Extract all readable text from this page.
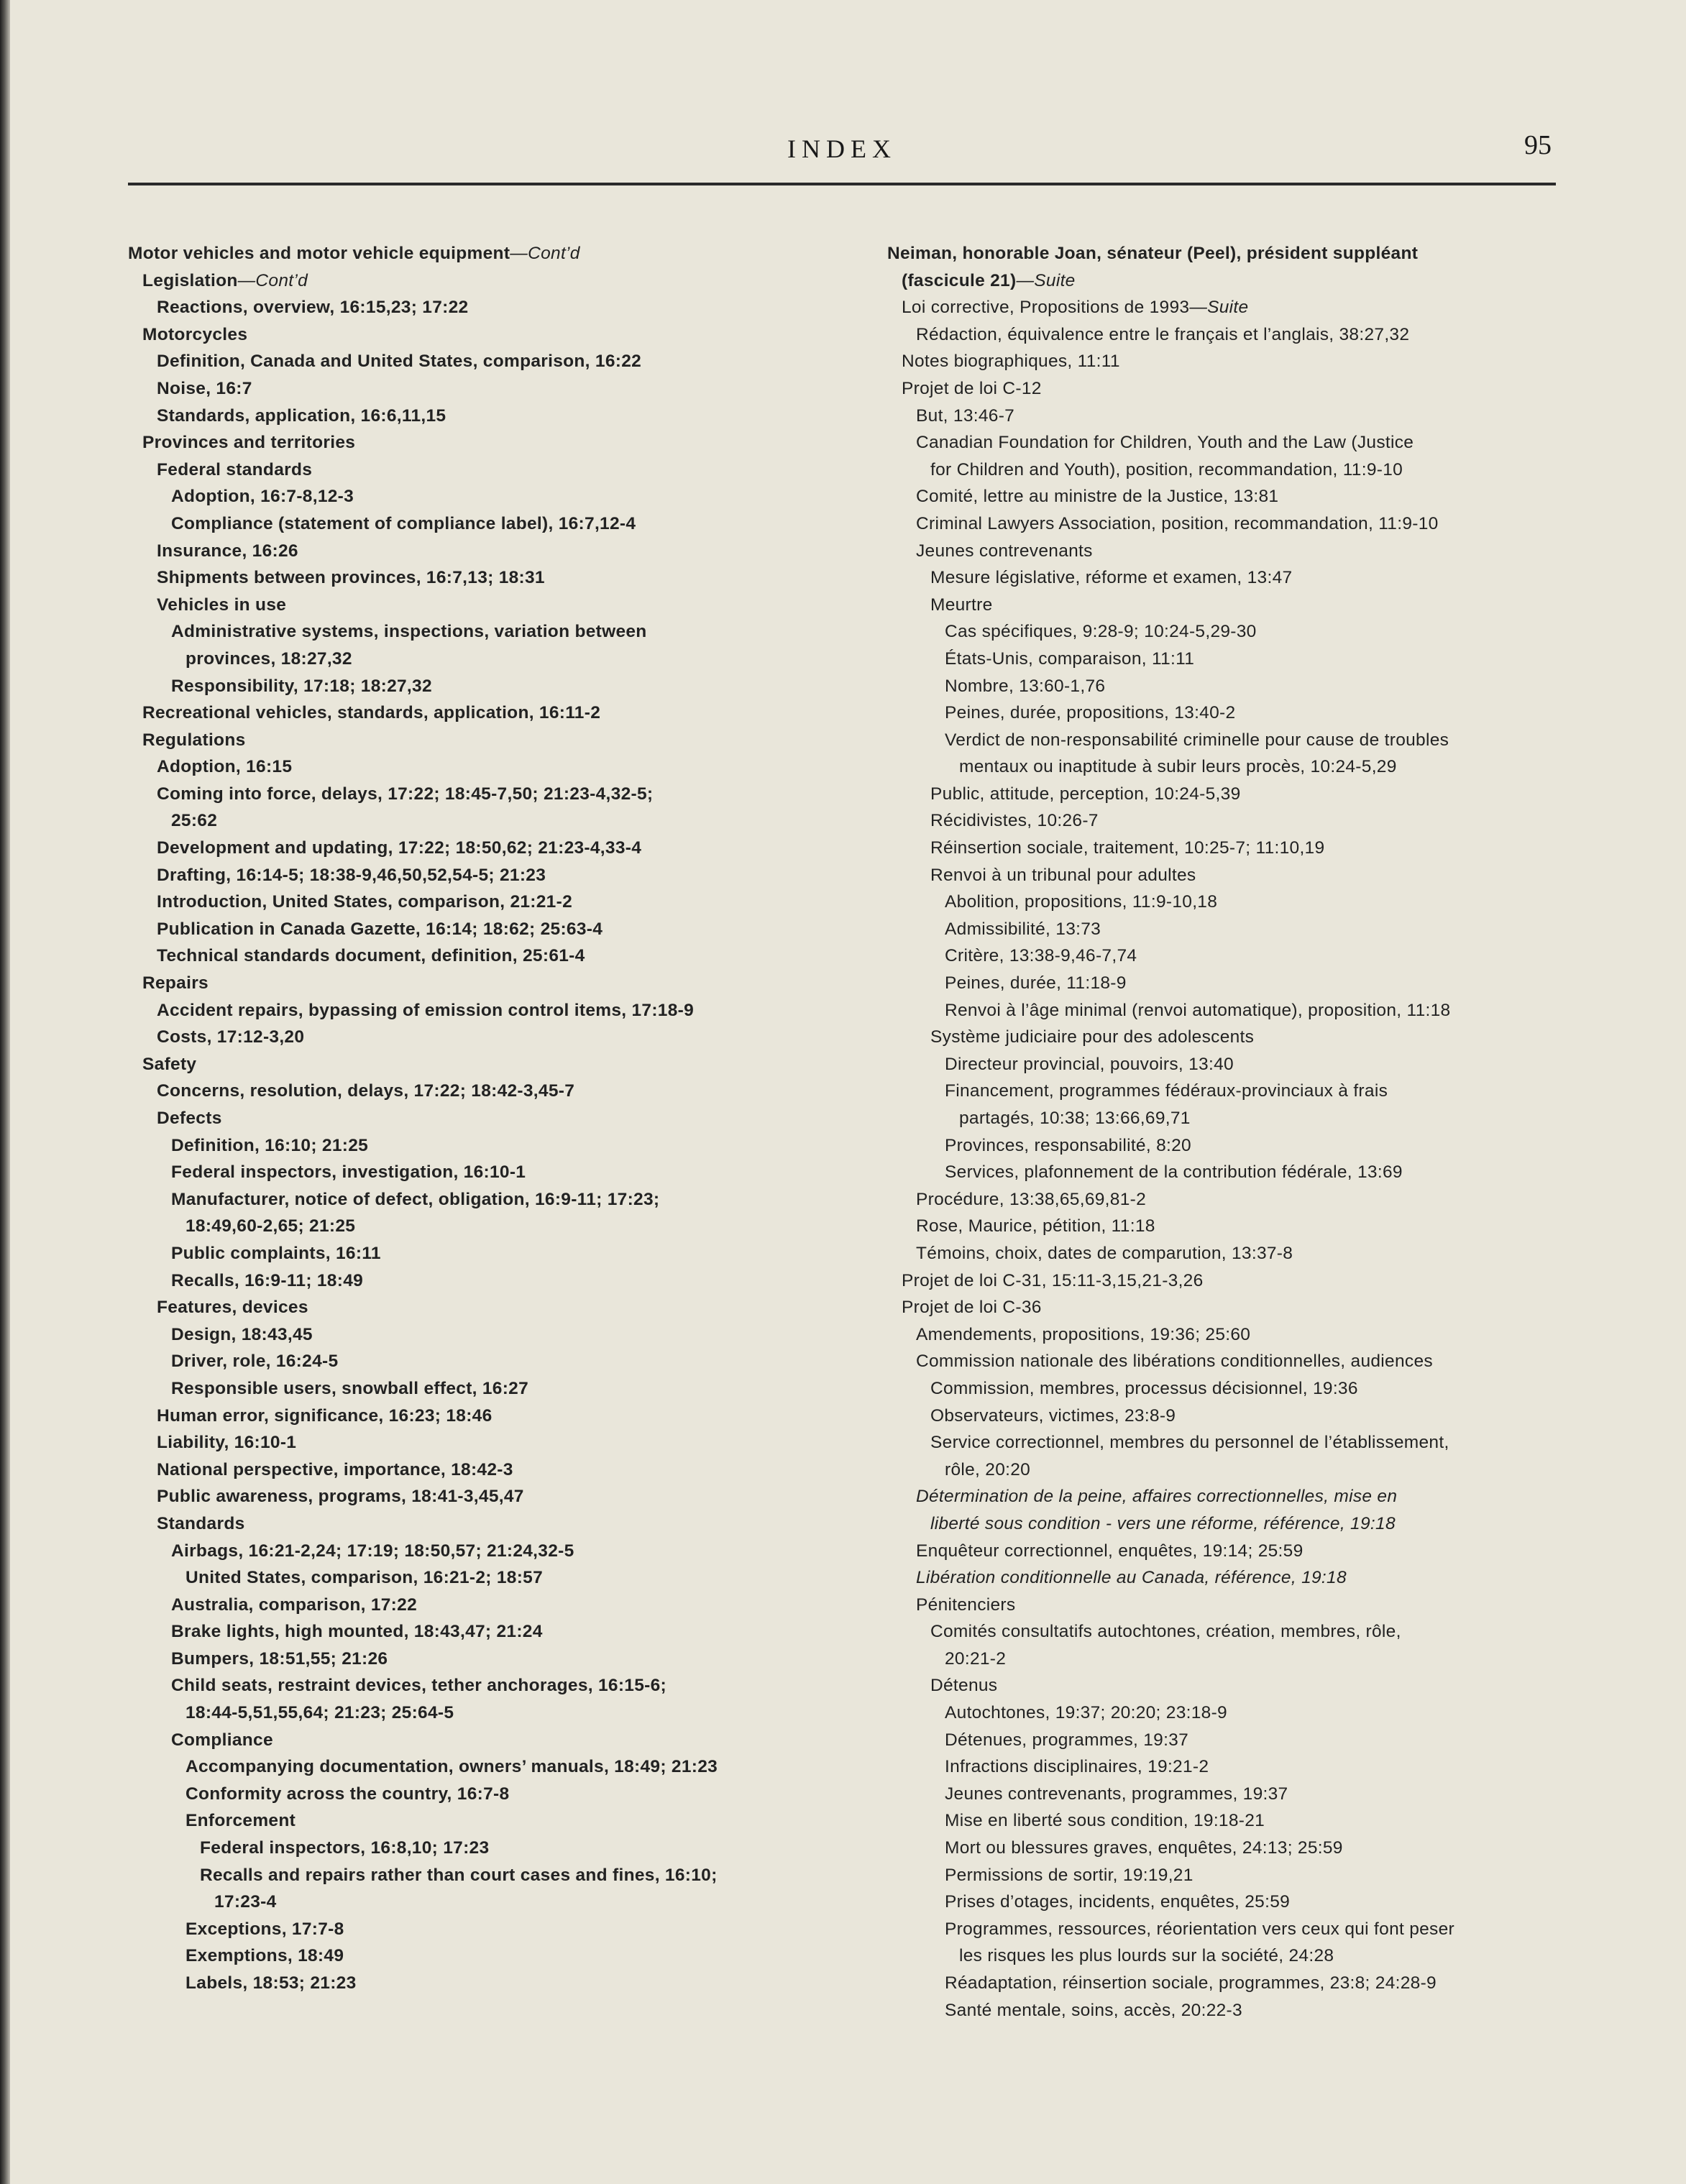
INDEX	95
Motor vehicles and motor vehicle equipment—Cont’d
Legislation—Cont’d
Reactions, overview, 16:15,23; 17:22
Motorcycles
Definition, Canada and United States, comparison, 16:22
Noise, 16:7
Standards, application, 16:6,11,15
Provinces and territories
Federal standards
Adoption, 16:7-8,12-3
Compliance (statement of compliance label), 16:7,12-4
Insurance, 16:26
Shipments between provinces, 16:7,13; 18:31
Vehicles in use
Administrative systems, inspections, variation between
provinces, 18:27,32
Responsibility, 17:18; 18:27,32
Recreational vehicles, standards, application, 16:11-2
Regulations
Adoption, 16:15
Coming into force, delays, 17:22; 18:45-7,50; 21:23-4,32-5;
25:62
Development and updating, 17:22; 18:50,62; 21:23-4,33-4
Drafting, 16:14-5; 18:38-9,46,50,52,54-5; 21:23
Introduction, United States, comparison, 21:21-2
Publication in Canada Gazette, 16:14; 18:62; 25:63-4
Technical standards document, definition, 25:61-4
Repairs
Accident repairs, bypassing of emission control items, 17:18-9
Costs, 17:12-3,20
Safety
Concerns, resolution, delays, 17:22; 18:42-3,45-7
Defects
Definition, 16:10; 21:25
Federal inspectors, investigation, 16:10-1
Manufacturer, notice of defect, obligation, 16:9-11; 17:23;
18:49,60-2,65; 21:25
Public complaints, 16:11
Recalls, 16:9-11; 18:49
Features, devices
Design, 18:43,45
Driver, role, 16:24-5
Responsible users, snowball effect, 16:27
Human error, significance, 16:23; 18:46
Liability, 16:10-1
National perspective, importance, 18:42-3
Public awareness, programs, 18:41-3,45,47
Standards
Airbags, 16:21-2,24; 17:19; 18:50,57; 21:24,32-5
United States, comparison, 16:21-2; 18:57
Australia, comparison, 17:22
Brake lights, high mounted, 18:43,47; 21:24
Bumpers, 18:51,55; 21:26
Child seats, restraint devices, tether anchorages, 16:15-6;
18:44-5,51,55,64; 21:23; 25:64-5
Compliance
Accompanying documentation, owners’ manuals, 18:49; 21:23
Conformity across the country, 16:7-8
Enforcement
Federal inspectors, 16:8,10; 17:23
Recalls and repairs rather than court cases and fines, 16:10;
17:23-4
Exceptions, 17:7-8
Exemptions, 18:49
Labels, 18:53; 21:23
Neiman, honorable Joan, sénateur (Peel), président suppléant
(fascicule 21)—Suite
Loi corrective, Propositions de 1993—Suite
Rédaction, équivalence entre le français et l’anglais, 38:27,32
Notes biographiques, 11:11
Projet de loi C-12
But, 13:46-7
Canadian Foundation for Children, Youth and the Law (Justice
for Children and Youth), position, recommandation, 11:9-10
Comité, lettre au ministre de la Justice, 13:81
Criminal Lawyers Association, position, recommandation, 11:9-10
Jeunes contrevenants
Mesure législative, réforme et examen, 13:47
Meurtre
Cas spécifiques, 9:28-9; 10:24-5,29-30
États-Unis, comparaison, 11:11
Nombre, 13:60-1,76
Peines, durée, propositions, 13:40-2
Verdict de non-responsabilité criminelle pour cause de troubles
mentaux ou inaptitude à subir leurs procès, 10:24-5,29
Public, attitude, perception, 10:24-5,39
Récidivistes, 10:26-7
Réinsertion sociale, traitement, 10:25-7; 11:10,19
Renvoi à un tribunal pour adultes
Abolition, propositions, 11:9-10,18
Admissibilité, 13:73
Critère, 13:38-9,46-7,74
Peines, durée, 11:18-9
Renvoi à l’âge minimal (renvoi automatique), proposition, 11:18
Système judiciaire pour des adolescents
Directeur provincial, pouvoirs, 13:40
Financement, programmes fédéraux-provinciaux à frais
partagés, 10:38; 13:66,69,71
Provinces, responsabilité, 8:20
Services, plafonnement de la contribution fédérale, 13:69
Procédure, 13:38,65,69,81-2
Rose, Maurice, pétition, 11:18
Témoins, choix, dates de comparution, 13:37-8
Projet de loi C-31, 15:11-3,15,21-3,26
Projet de loi C-36
Amendements, propositions, 19:36; 25:60
Commission nationale des libérations conditionnelles, audiences
Commission, membres, processus décisionnel, 19:36
Observateurs, victimes, 23:8-9
Service correctionnel, membres du personnel de l’établissement,
rôle, 20:20
Détermination de la peine, affaires correctionnelles, mise en
liberté sous condition - vers une réforme, référence, 19:18
Enquêteur correctionnel, enquêtes, 19:14; 25:59
Libération conditionnelle au Canada, référence, 19:18
Pénitenciers
Comités consultatifs autochtones, création, membres, rôle,
20:21-2
Détenus
Autochtones, 19:37; 20:20; 23:18-9
Détenues, programmes, 19:37
Infractions disciplinaires, 19:21-2
Jeunes contrevenants, programmes, 19:37
Mise en liberté sous condition, 19:18-21
Mort ou blessures graves, enquêtes, 24:13; 25:59
Permissions de sortir, 19:19,21
Prises d’otages, incidents, enquêtes, 25:59
Programmes, ressources, réorientation vers ceux qui font peser
les risques les plus lourds sur la société, 24:28
Réadaptation, réinsertion sociale, programmes, 23:8; 24:28-9
Santé mentale, soins, accès, 20:22-3
